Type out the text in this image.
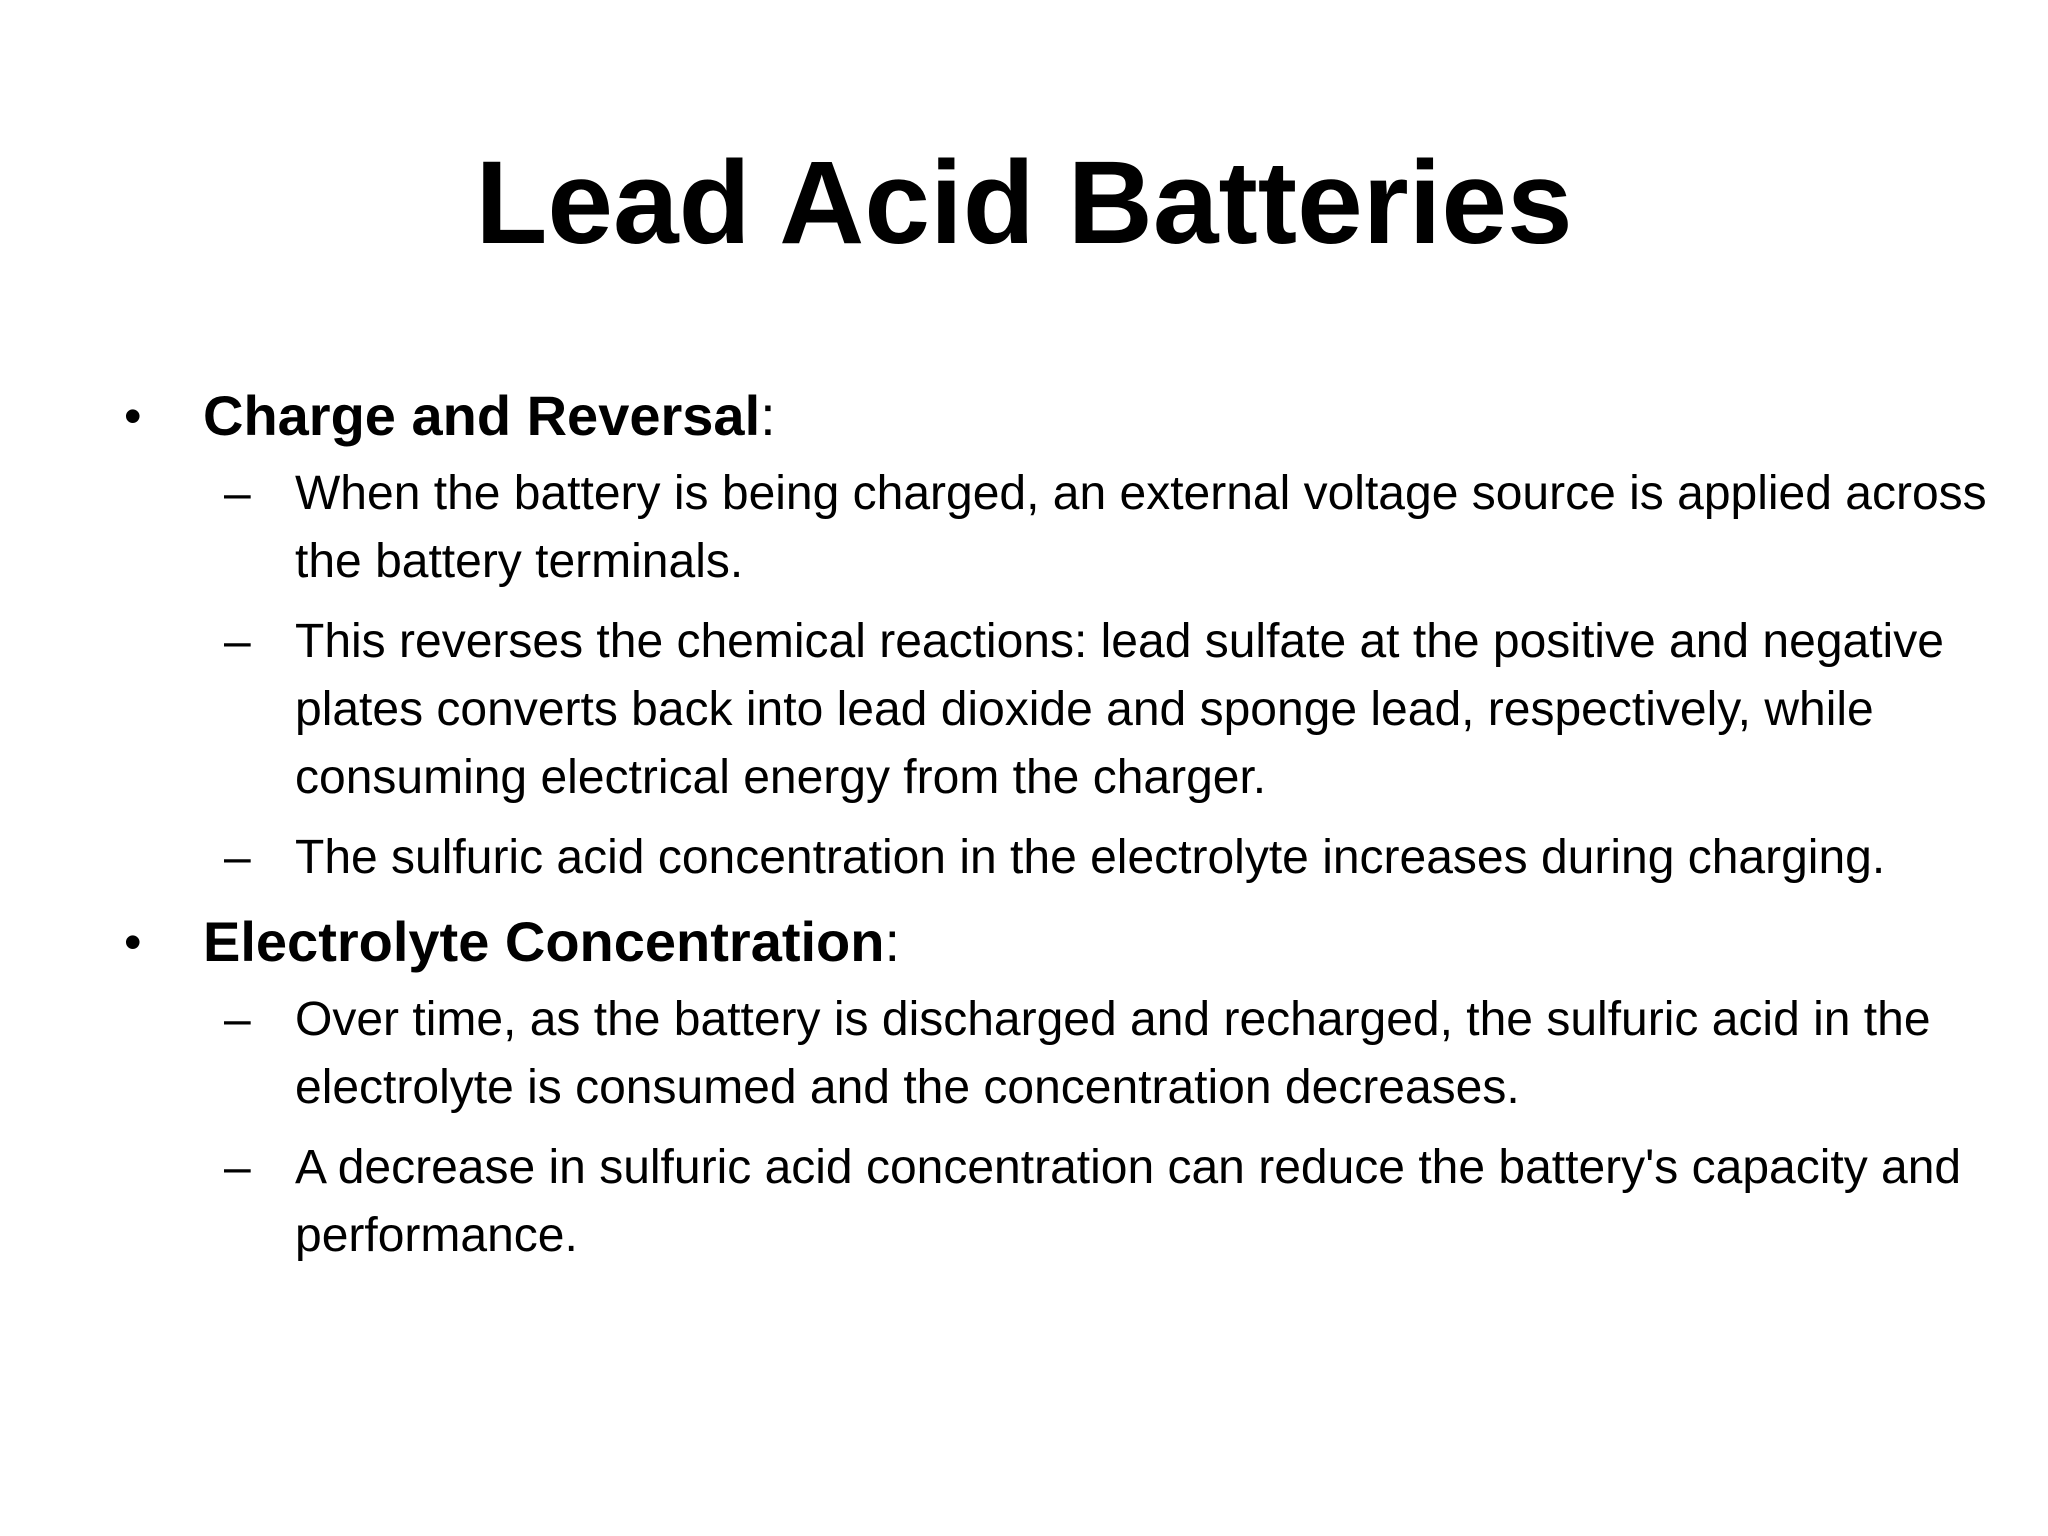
Lead Acid Batteries
• Charge and Reversal:
– When the battery is being charged, an external voltage source is applied across the battery terminals.
– This reverses the chemical reactions: lead sulfate at the positive and negative plates converts back into lead dioxide and sponge lead, respectively, while consuming electrical energy from the charger.
– The sulfuric acid concentration in the electrolyte increases during charging.
• Electrolyte Concentration:
– Over time, as the battery is discharged and recharged, the sulfuric acid in the electrolyte is consumed and the concentration decreases.
– A decrease in sulfuric acid concentration can reduce the battery's capacity and performance.
